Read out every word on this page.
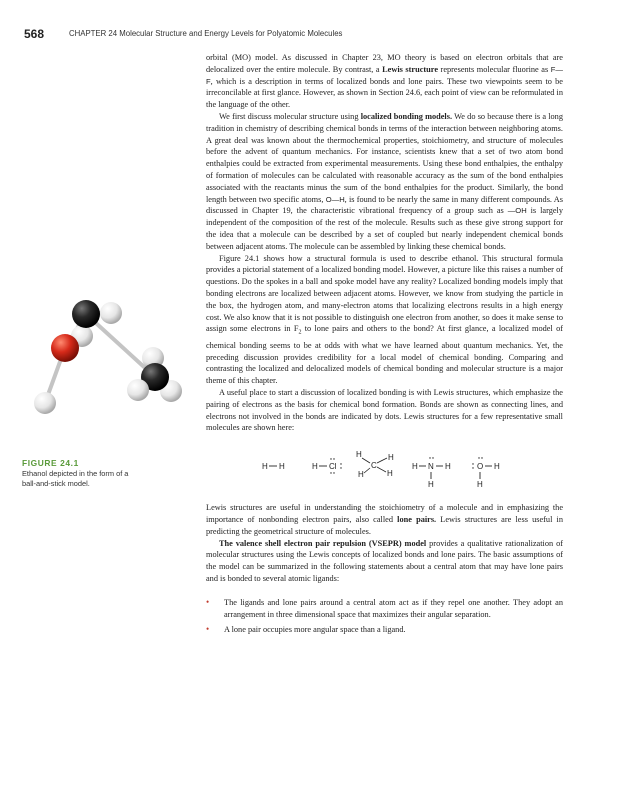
568	CHAPTER 24 Molecular Structure and Energy Levels for Polyatomic Molecules

orbital (MO) model. As discussed in Chapter 23, MO theory is based on electron orbitals that are delocalized over the entire molecule. By contrast, a Lewis structure represents molecular fluorine as F—F, which is a description in terms of localized bonds and lone pairs. These two viewpoints seem to be irreconcilable at first glance. However, as shown in Section 24.6, each point of view can be reformulated in the language of the other.

We first discuss molecular structure using localized bonding models. We do so because there is a long tradition in chemistry of describing chemical bonds in terms of the interaction between neighboring atoms. A great deal was known about the thermochemical properties, stoichiometry, and structure of molecules before the advent of quantum mechanics. For instance, scientists knew that a set of two atom bond enthalpies could be extracted from experimental measurements. Using these bond enthalpies, the enthalpy of formation of molecules can be calculated with reasonable accuracy as the sum of the bond enthalpies associated with the reactants minus the sum of the bond enthalpies for the product. Similarly, the bond length between two specific atoms, O—H, is found to be nearly the same in many different compounds. As discussed in Chapter 19, the characteristic vibrational frequency of a group such as —OH is largely independent of the composition of the rest of the molecule. Results such as these give strong support for the idea that a molecule can be described by a set of coupled but nearly independent chemical bonds between adjacent atoms. The molecule can be assembled by linking these chemical bonds.

Figure 24.1 shows how a structural formula is used to describe ethanol. This structural formula provides a pictorial statement of a localized bonding model. However, a picture like this raises a number of questions. Do the spokes in a ball and spoke model have any reality? Localized bonding models imply that bonding electrons are localized between adjacent atoms. However, we know from studying the particle in the box, the hydrogen atom, and many-electron atoms that localizing electrons results in a high energy cost. We also know that it is not possible to distinguish one electron from another, so does it make sense to assign some electrons in $F_2$ to lone pairs and others to the bond? At first glance, a localized model of chemical bonding seems to be at odds with what we have learned about quantum mechanics. Yet, the preceding discussion provides credibility for a local model of chemical bonding. Comparing and contrasting the localized and delocalized models of chemical bonding and molecular structure is a major theme of this chapter.

A useful place to start a discussion of localized bonding is with Lewis structures, which emphasize the pairing of electrons as the basis for chemical bond formation. Bonds are shown as connecting lines, and electrons not involved in the bonds are indicated by dots. Lewis structures for a few representative small molecules are shown here:

H H	H Cl
H	H
C
H	H
H N H
H
O H
H

Lewis structures are useful in understanding the stoichiometry of a molecule and in emphasizing the importance of nonbonding electron pairs, also called lone pairs. Lewis structures are less useful in predicting the geometrical structure of molecules.

The valence shell electron pair repulsion (VSEPR) model provides a qualitative rationalization of molecular structures using the Lewis concepts of localized bonds and lone pairs. The basic assumptions of the model can be summarized in the following statements about a central atom that may have lone pairs and is bonded to several atomic ligands:

• The ligands and lone pairs around a central atom act as if they repel one another. They adopt an arrangement in three dimensional space that maximizes their angular separation.
• A lone pair occupies more angular space than a ligand.
FIGURE 24.1
Ethanol depicted in the form of a ball-and-stick model.
